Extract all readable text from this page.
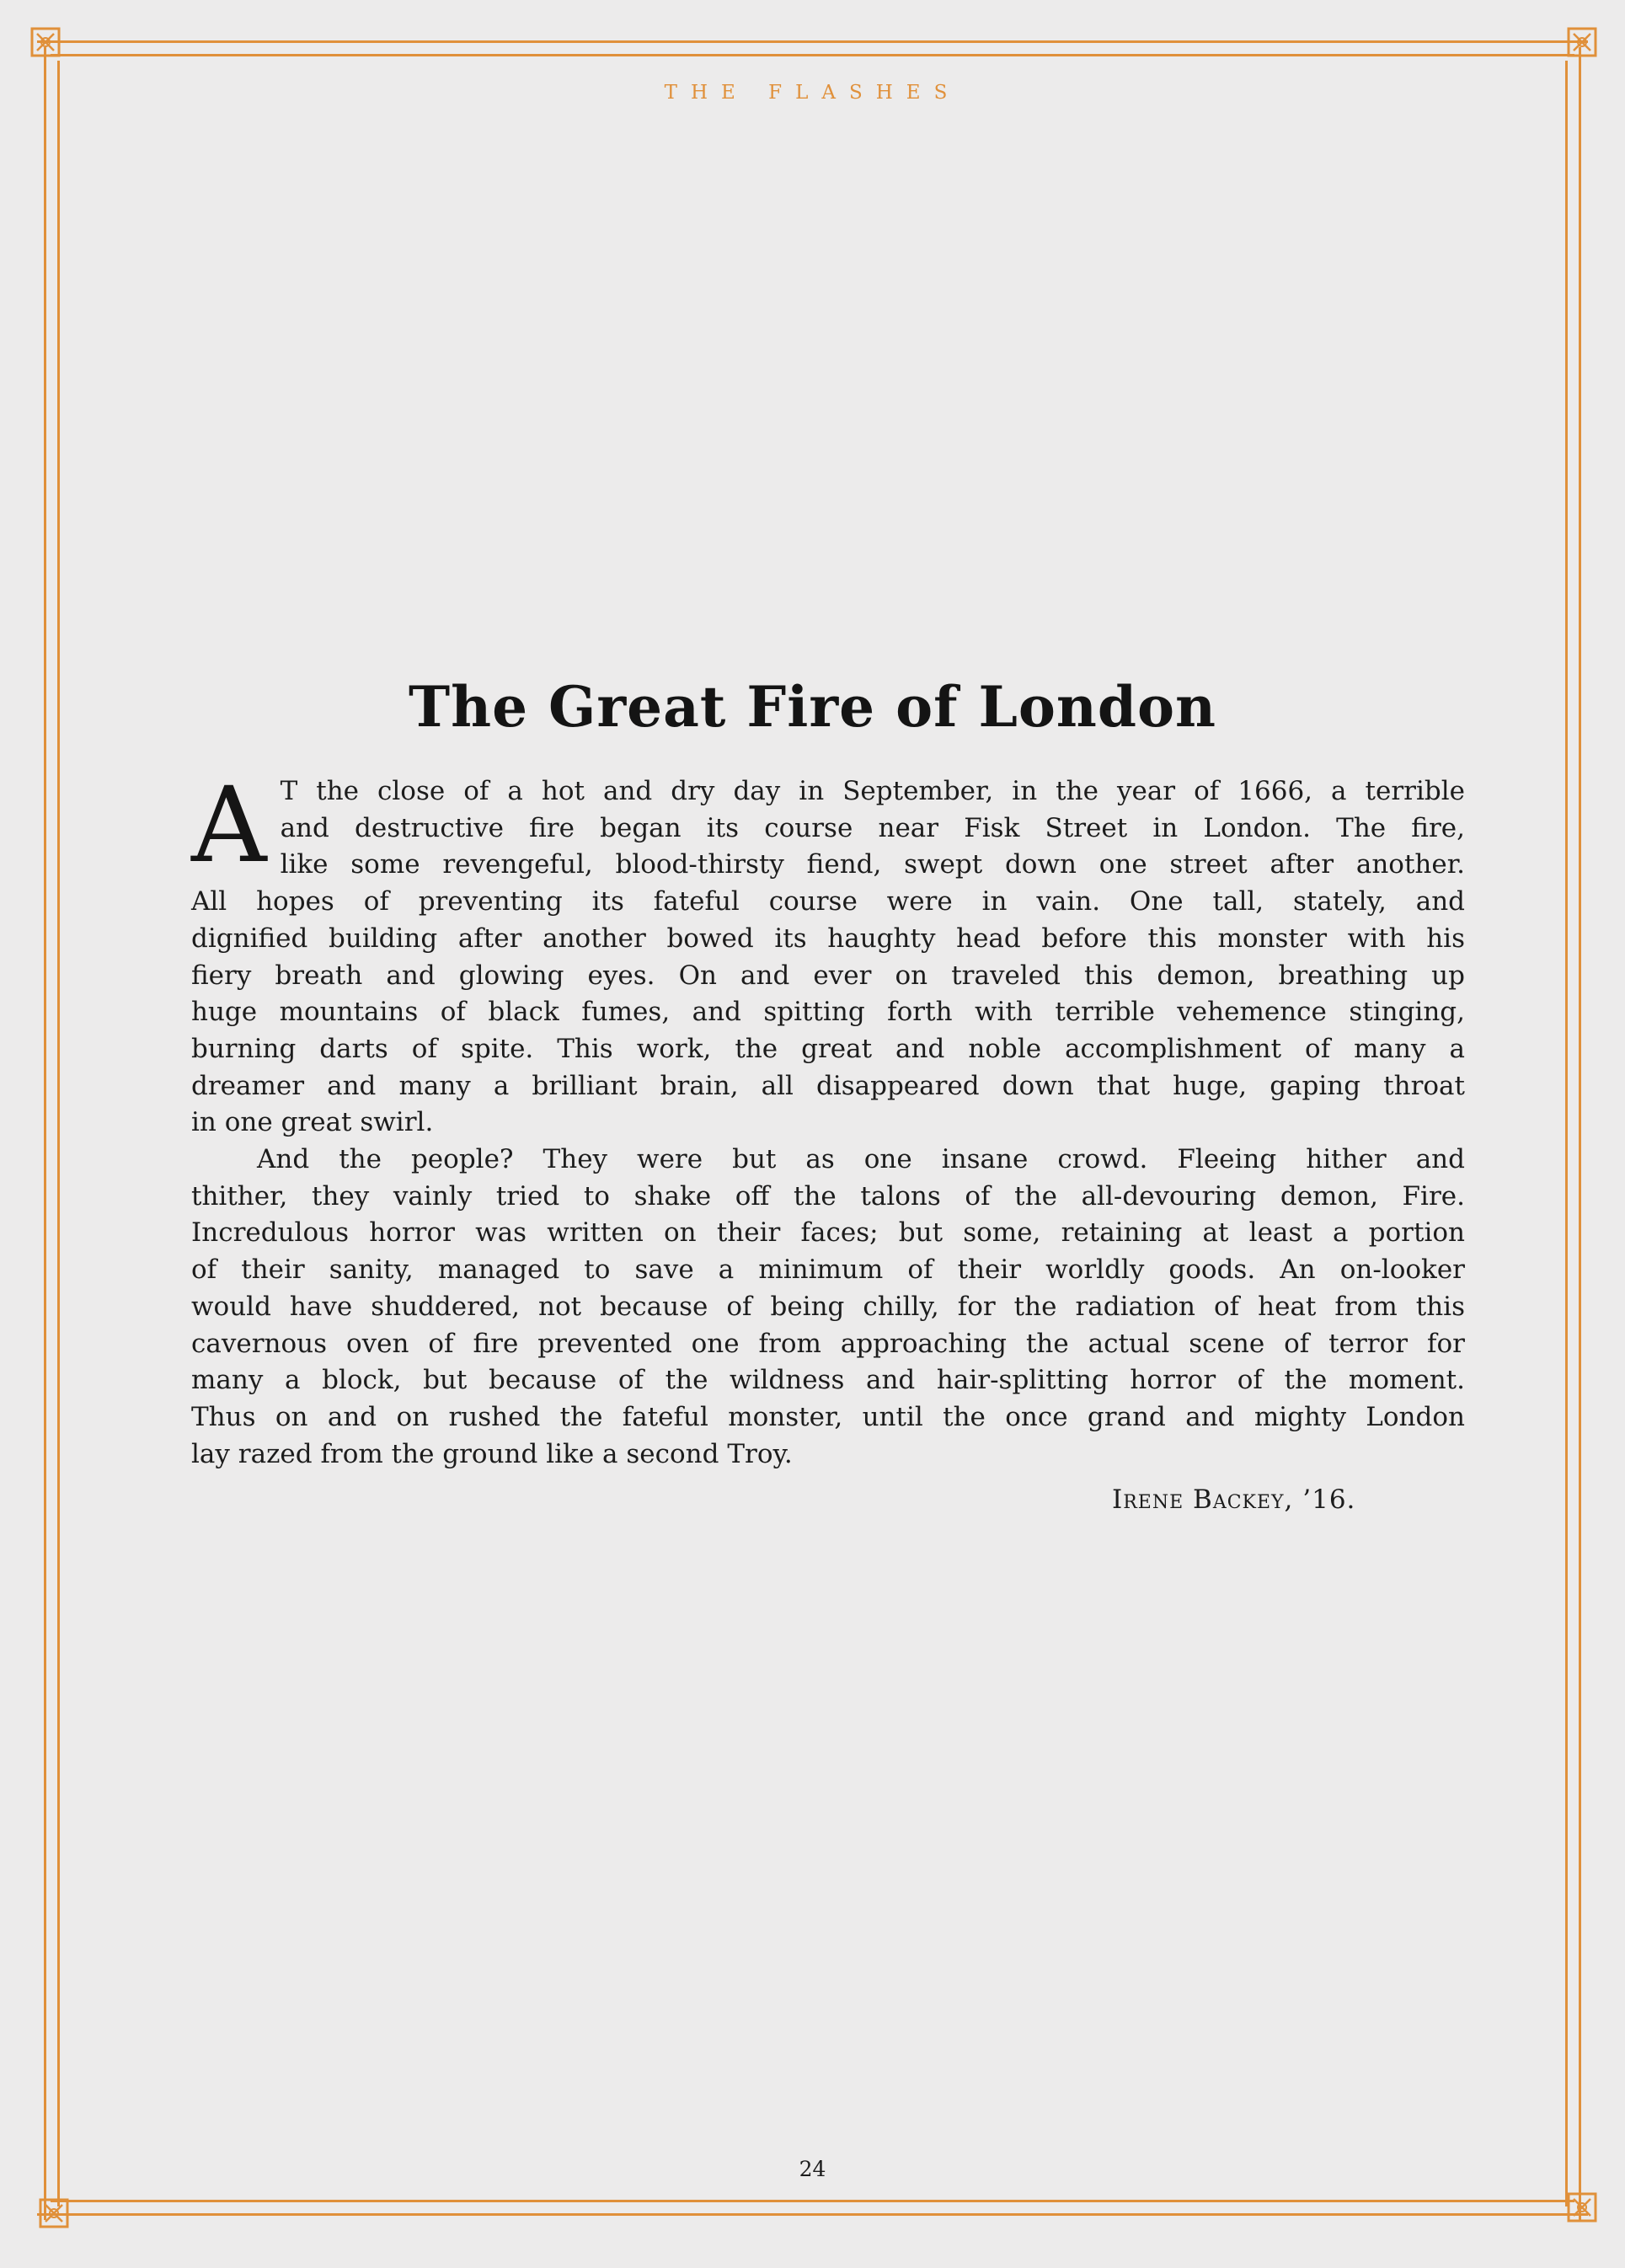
THE FLASHES
The Great Fire of London
A T the close of a hot and dry day in September, in the year of 1666, a terrible
and destructive fire began its course near Fisk Street in London. The fire,
like some revengeful, blood-thirsty fiend, swept down one street after another.
All hopes of preventing its fateful course were in vain. One tall, stately, and
dignified building after another bowed its haughty head before this monster with his
fiery breath and glowing eyes. On and ever on traveled this demon, breathing up
huge mountains of black fumes, and spitting forth with terrible vehemence stinging,
burning darts of spite. This work, the great and noble accomplishment of many a
dreamer and many a brilliant brain, all disappeared down that huge, gaping throat
in one great swirl.
And the people? They were but as one insane crowd. Fleeing hither and
thither, they vainly tried to shake off the talons of the all-devouring demon, Fire.
Incredulous horror was written on their faces; but some, retaining at least a portion
of their sanity, managed to save a minimum of their worldly goods. An on-looker
would have shuddered, not because of being chilly, for the radiation of heat from this
cavernous oven of fire prevented one from approaching the actual scene of terror for
many a block, but because of the wildness and hair-splitting horror of the moment.
Thus on and on rushed the fateful monster, until the once grand and mighty London
lay razed from the ground like a second Troy.
Irene Backey, ’16.
24
